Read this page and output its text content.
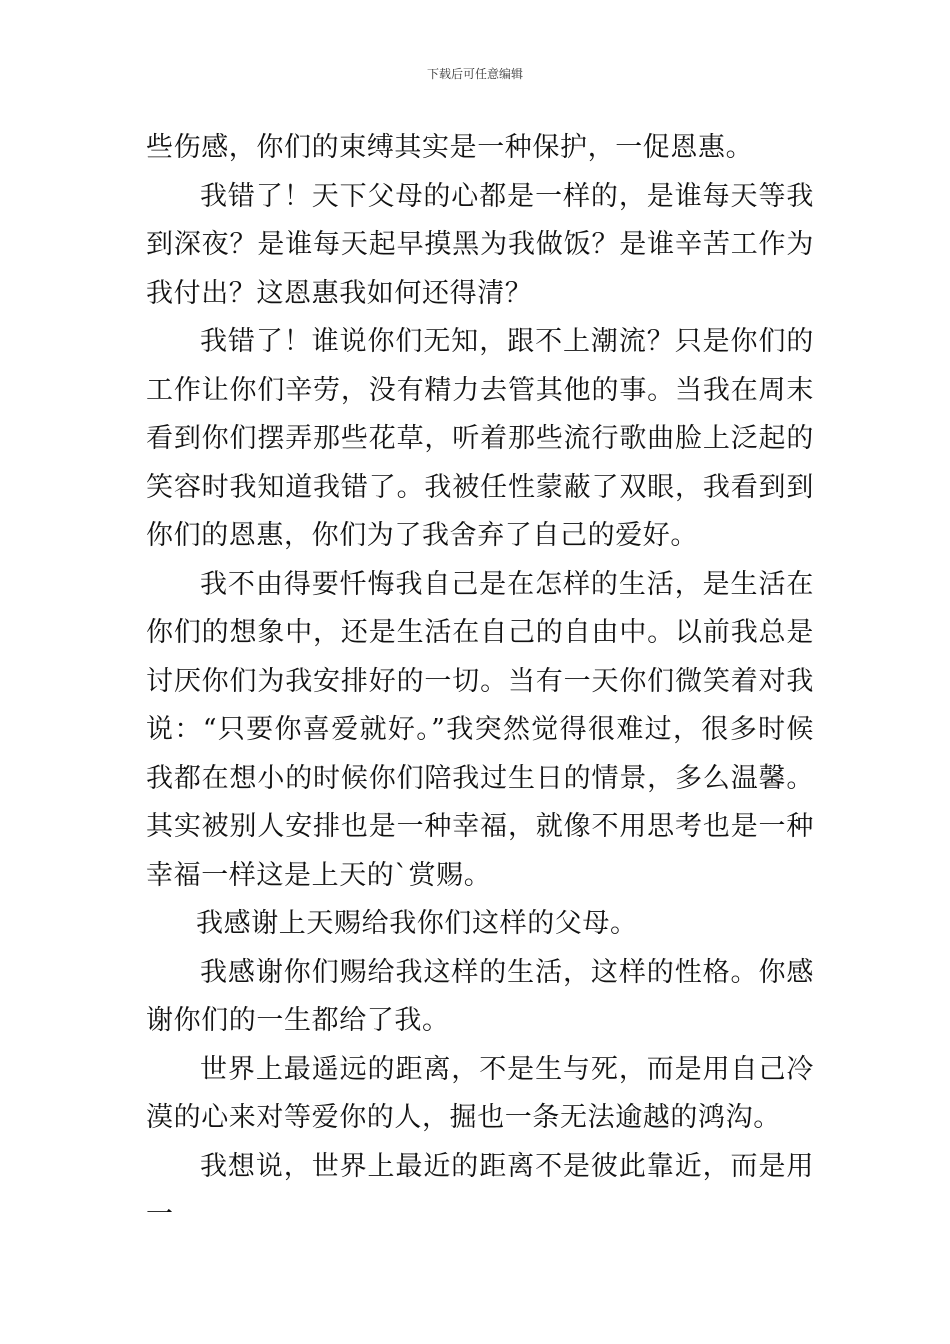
下载后可任意编辑

些伤感，你们的束缚其实是一种保护，一促恩惠。

我错了！天下父母的心都是一样的，是谁每天等我到深夜？是谁每天起早摸黑为我做饭？是谁辛苦工作为我付出？这恩惠我如何还得清？

我错了！谁说你们无知，跟不上潮流？只是你们的工作让你们辛劳，没有精力去管其他的事。当我在周末看到你们摆弄那些花草，听着那些流行歌曲脸上泛起的笑容时我知道我错了。我被任性蒙蔽了双眼，我看到到你们的恩惠，你们为了我舍弃了自己的爱好。

我不由得要忏悔我自己是在怎样的生活，是生活在你们的想象中，还是生活在自己的自由中。以前我总是讨厌你们为我安排好的一切。当有一天你们微笑着对我说：“只要你喜爱就好。”我突然觉得很难过，很多时候我都在想小的时候你们陪我过生日的情景，多么温馨。其实被别人安排也是一种幸福，就像不用思考也是一种幸福一样这是上天的`赏赐。

我感谢上天赐给我你们这样的父母。

我感谢你们赐给我这样的生活，这样的性格。你感谢你们的一生都给了我。

世界上最遥远的距离，不是生与死，而是用自己冷漠的心来对等爱你的人，掘也一条无法逾越的鸿沟。

我想说，世界上最近的距离不是彼此靠近，而是用一
